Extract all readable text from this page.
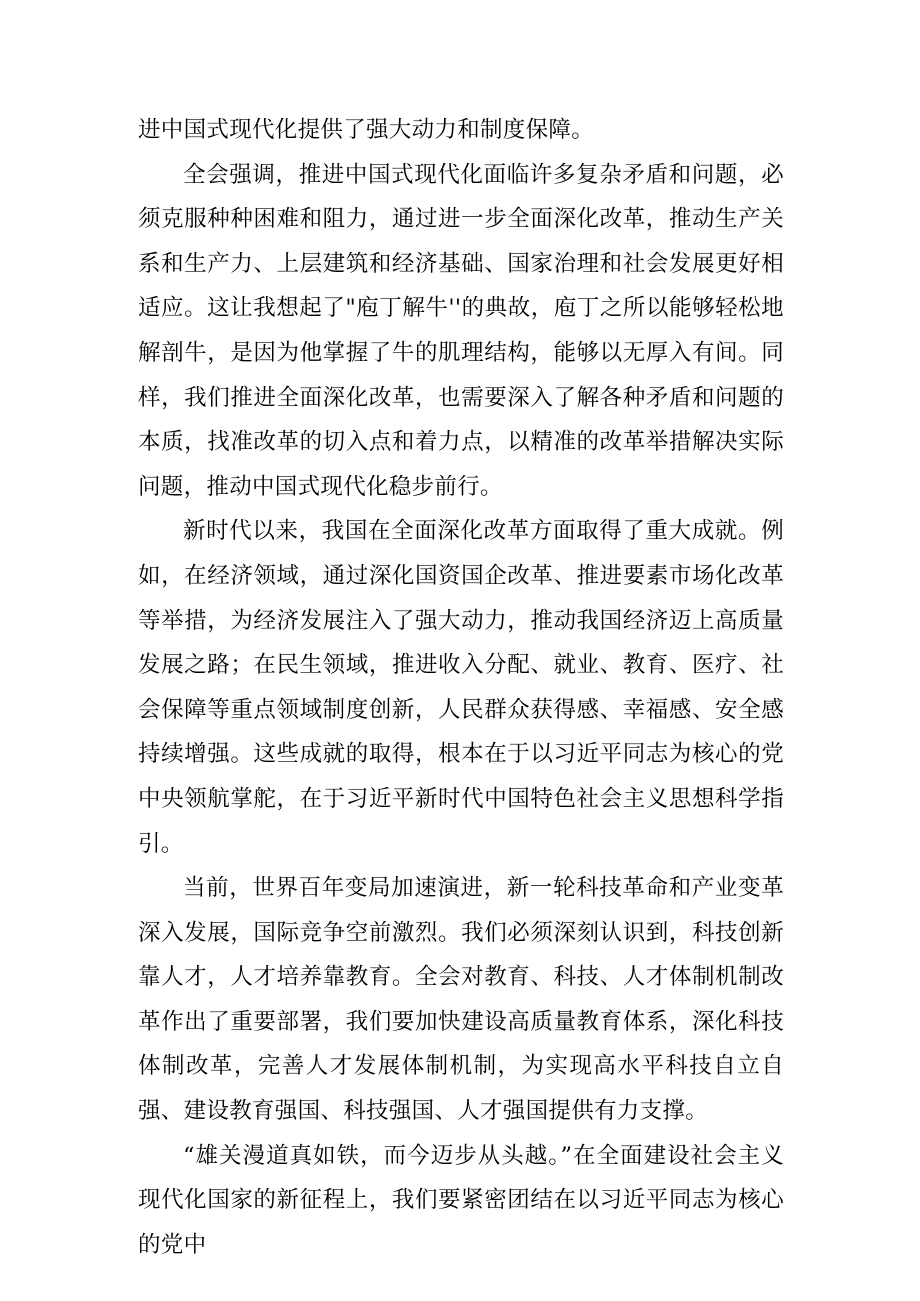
进中国式现代化提供了强大动力和制度保障。

全会强调，推进中国式现代化面临许多复杂矛盾和问题，必须克服种种困难和阻力，通过进一步全面深化改革，推动生产关系和生产力、上层建筑和经济基础、国家治理和社会发展更好相适应。这让我想起了"庖丁解牛''的典故，庖丁之所以能够轻松地解剖牛，是因为他掌握了牛的肌理结构，能够以无厚入有间。同样，我们推进全面深化改革，也需要深入了解各种矛盾和问题的本质，找准改革的切入点和着力点，以精准的改革举措解决实际问题，推动中国式现代化稳步前行。

新时代以来，我国在全面深化改革方面取得了重大成就。例如，在经济领域，通过深化国资国企改革、推进要素市场化改革等举措，为经济发展注入了强大动力，推动我国经济迈上高质量发展之路；在民生领域，推进收入分配、就业、教育、医疗、社会保障等重点领域制度创新，人民群众获得感、幸福感、安全感持续增强。这些成就的取得，根本在于以习近平同志为核心的党中央领航掌舵，在于习近平新时代中国特色社会主义思想科学指引。

当前，世界百年变局加速演进，新一轮科技革命和产业变革深入发展，国际竞争空前激烈。我们必须深刻认识到，科技创新靠人才，人才培养靠教育。全会对教育、科技、人才体制机制改革作出了重要部署，我们要加快建设高质量教育体系，深化科技体制改革，完善人才发展体制机制，为实现高水平科技自立自强、建设教育强国、科技强国、人才强国提供有力支撑。

“雄关漫道真如铁，而今迈步从头越。”在全面建设社会主义现代化国家的新征程上，我们要紧密团结在以习近平同志为核心的党中
